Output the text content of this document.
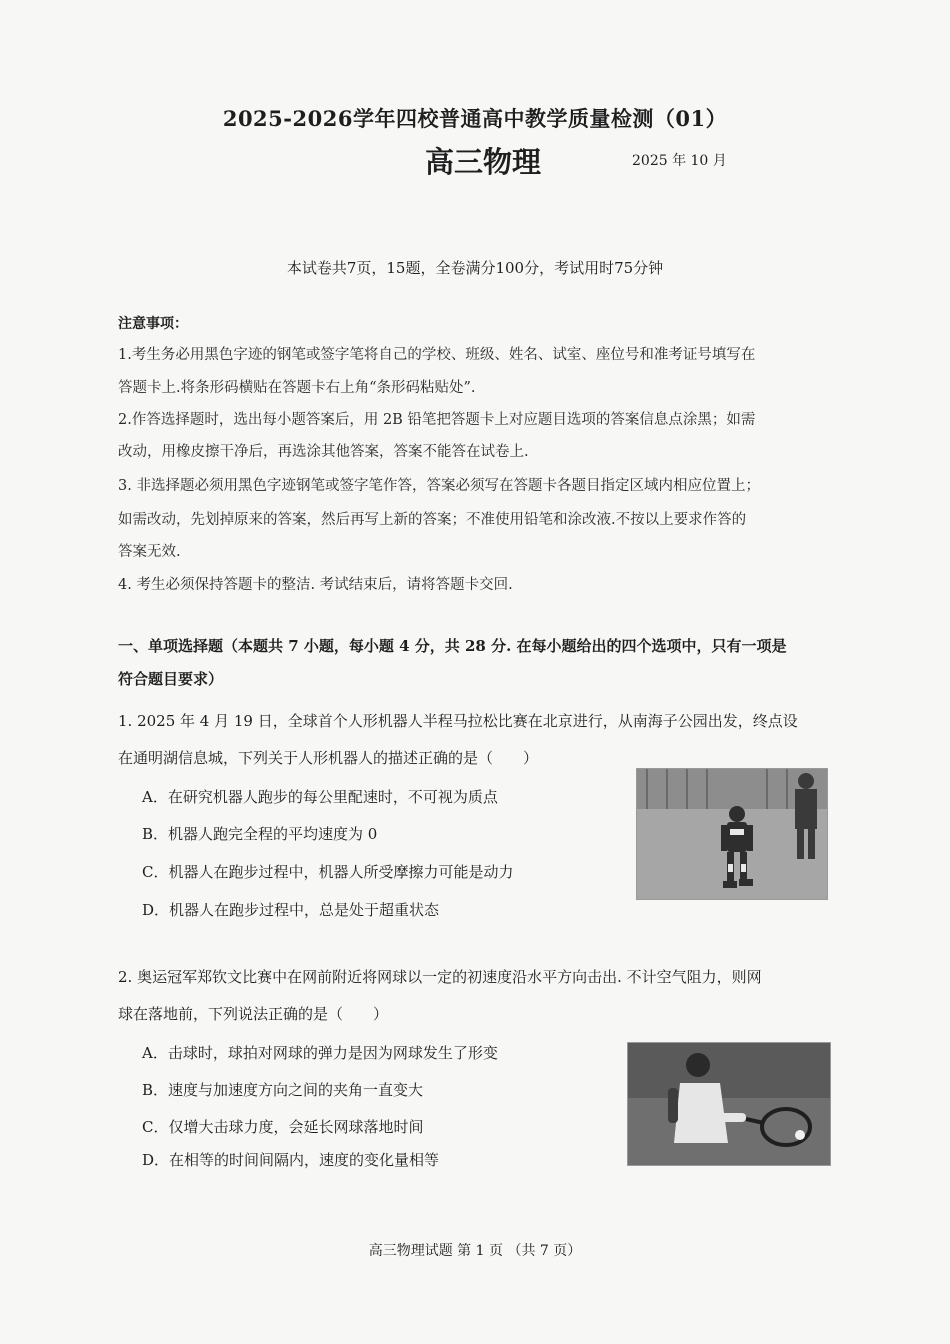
2025-2026学年四校普通高中教学质量检测（01）
高三物理	2025 年 10 月
本试卷共7页，15题，全卷满分100分，考试用时75分钟
注意事项：
1.考生务必用黑色字迹的钢笔或签字笔将自己的学校、班级、姓名、试室、座位号和准考证号填写在
答题卡上.将条形码横贴在答题卡右上角“条形码粘贴处”.
2.作答选择题时，选出每小题答案后，用 2B 铅笔把答题卡上对应题目选项的答案信息点涂黑；如需
改动，用橡皮擦干净后，再选涂其他答案，答案不能答在试卷上.
3. 非选择题必须用黑色字迹钢笔或签字笔作答，答案必须写在答题卡各题目指定区域内相应位置上；
如需改动，先划掉原来的答案，然后再写上新的答案；不准使用铅笔和涂改液.不按以上要求作答的
答案无效.
4. 考生必须保持答题卡的整洁. 考试结束后，请将答题卡交回.
一、单项选择题（本题共 7 小题，每小题 4 分，共 28 分. 在每小题给出的四个选项中，只有一项是
符合题目要求）
1. 2025 年 4 月 19 日，全球首个人形机器人半程马拉松比赛在北京进行，从南海子公园出发，终点设
在通明湖信息城，下列关于人形机器人的描述正确的是（　　）
A．在研究机器人跑步的每公里配速时，不可视为质点
B．机器人跑完全程的平均速度为 0
C．机器人在跑步过程中，机器人所受摩擦力可能是动力
D．机器人在跑步过程中，总是处于超重状态
2. 奥运冠军郑钦文比赛中在网前附近将网球以一定的初速度沿水平方向击出. 不计空气阻力，则网
球在落地前，下列说法正确的是（　　）
A．击球时，球拍对网球的弹力是因为网球发生了形变
B．速度与加速度方向之间的夹角一直变大
C．仅增大击球力度，会延长网球落地时间
D．在相等的时间间隔内，速度的变化量相等
高三物理试题 第 1 页 （共 7 页）
